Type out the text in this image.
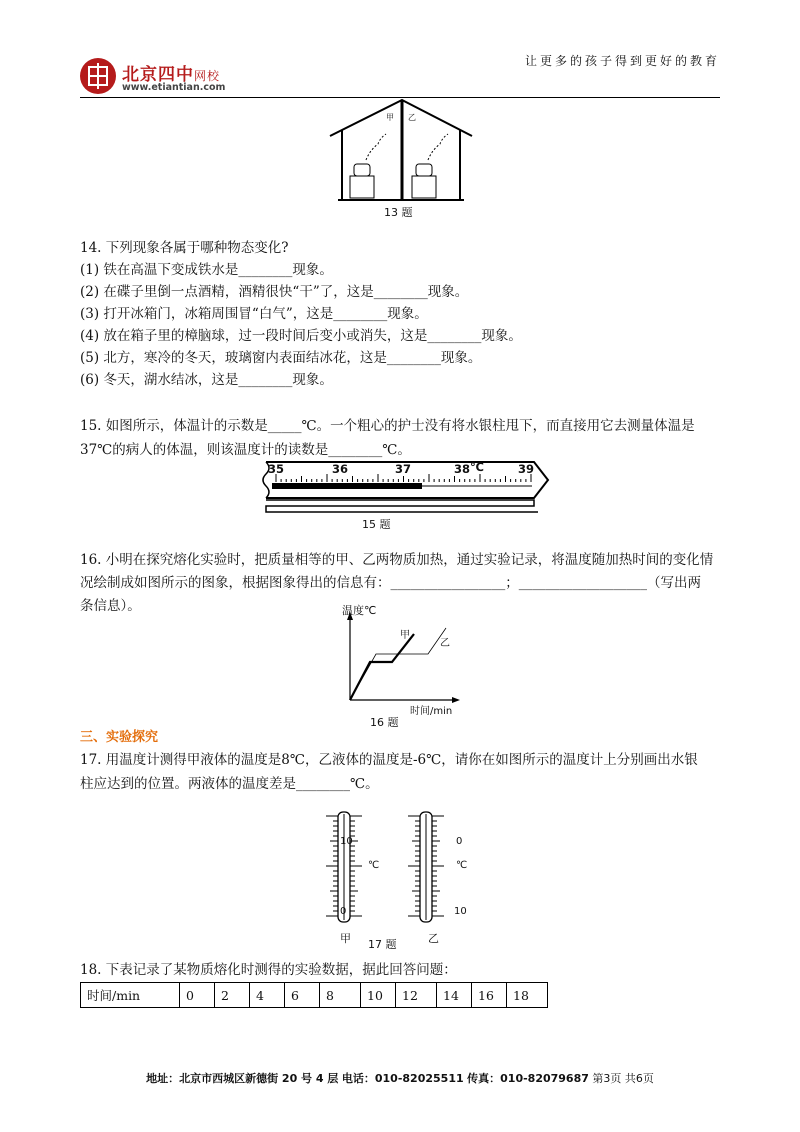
北京四中网校
www.etiantian.com
让更多的孩子得到更好的教育
甲 乙
13 题
14. 下列现象各属于哪种物态变化?
(1) 铁在高温下变成铁水是________现象。
(2) 在碟子里倒一点酒精，酒精很快“干”了，这是________现象。
(3) 打开冰箱门，冰箱周围冒“白气”，这是________现象。
(4) 放在箱子里的樟脑球，过一段时间后变小或消失，这是________现象。
(5) 北方，寒冷的冬天，玻璃窗内表面结冰花，这是________现象。
(6) 冬天，湖水结冰，这是________现象。
15. 如图所示，体温计的示数是_____℃。一个粗心的护士没有将水银柱甩下，而直接用它去测量体温是
37℃的病人的体温，则该温度计的读数是________℃。
35	36	37	38 ℃	39
15 题
16. 小明在探究熔化实验时，把质量相等的甲、乙两物质加热，通过实验记录，将温度随加热时间的变化情
况绘制成如图所示的图象，根据图象得出的信息有：_________________；___________________（写出两
条信息）。	温度℃
甲
乙
时间/min
16 题
三、实验探究
17. 用温度计测得甲液体的温度是8℃，乙液体的温度是-6℃，请你在如图所示的温度计上分别画出水银
柱应达到的位置。两液体的温度差是________℃。
10
0
℃
0
10
℃
甲	乙
17 题
18. 下表记录了某物质熔化时测得的实验数据，据此回答问题：
时间/min	0	2	4	6	8	10	12	14	16	18
地址：北京市西城区新德街 20 号 4 层 电话：010-82025511 传真：010-82079687 第3页 共6页
